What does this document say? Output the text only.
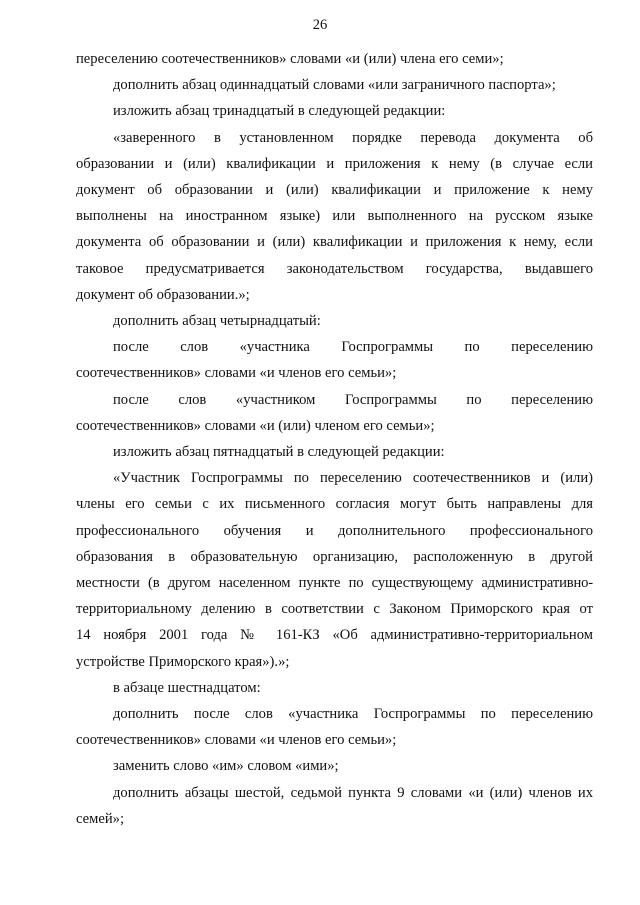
26

переселению соотечественников» словами «и (или) члена его семи»;

дополнить абзац одиннадцатый словами «или заграничного паспорта»;

изложить абзац тринадцатый в следующей редакции:

«заверенного в установленном порядке перевода документа об
образовании и (или) квалификации и приложения к нему (в случае если
документ об образовании и (или) квалификации и приложение к нему
выполнены на иностранном языке) или выполненного на русском языке
документа об образовании и (или) квалификации и приложения к нему, если
таковое предусматривается законодательством государства, выдавшего
документ об образовании.»;

дополнить абзац четырнадцатый:

после слов «участника Госпрограммы по переселению
соотечественников» словами «и членов его семьи»;

после слов «участником Госпрограммы по переселению
соотечественников» словами «и (или) членом его семьи»;

изложить абзац пятнадцатый в следующей редакции:

«Участник Госпрограммы по переселению соотечественников и (или)
члены его семьи с их письменного согласия могут быть направлены для
профессионального обучения и дополнительного профессионального
образования в образовательную организацию, расположенную в другой
местности (в другом населенном пункте по существующему административно-
территориальному делению в соответствии с Законом Приморского края от
14 ноября 2001 года № 161-КЗ «Об административно-территориальном
устройстве Приморского края»).»;

в абзаце шестнадцатом:

дополнить после слов «участника Госпрограммы по переселению
соотечественников» словами «и членов его семьи»;

заменить слово «им» словом «ими»;

дополнить абзацы шестой, седьмой пункта 9 словами «и (или) членов их
семей»;
